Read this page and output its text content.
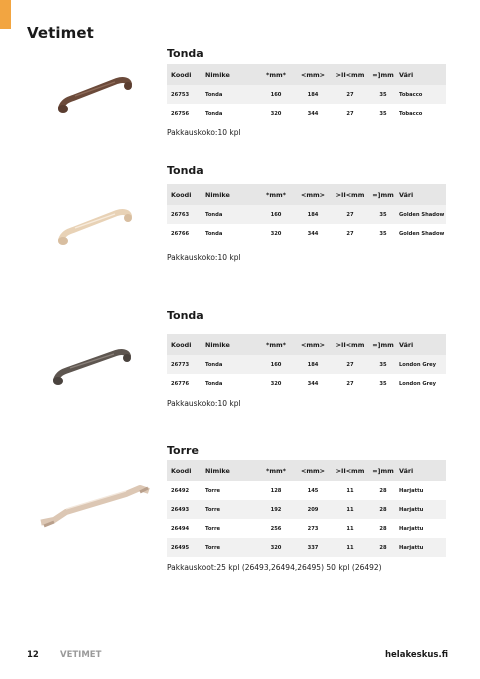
Vetimet
Tonda
Koodi	Nimike	*mm*	<mm>	>II<mm	=]mm	Väri
26753	Tonda	160	184	27	35	Tobacco
26756	Tonda	320	344	27	35	Tobacco
Pakkauskoko:10 kpl
Tonda
Koodi	Nimike	*mm*	<mm>	>II<mm	=]mm	Väri
26763	Tonda	160	184	27	35	Golden Shadow
26766	Tonda	320	344	27	35	Golden Shadow
Pakkauskoko:10 kpl
Tonda
Koodi	Nimike	*mm*	<mm>	>II<mm	=]mm	Väri
26773	Tonda	160	184	27	35	London Grey
26776	Tonda	320	344	27	35	London Grey
Pakkauskoko:10 kpl
Torre
Koodi	Nimike	*mm*	<mm>	>II<mm	=]mm	Väri
26492	Torre	128	145	11	28	Harjattu
26493	Torre	192	209	11	28	Harjattu
26494	Torre	256	273	11	28	Harjattu
26495	Torre	320	337	11	28	Harjattu
Pakkauskoot:25 kpl (26493,26494,26495) 50 kpl (26492)
12 VETIMET	helakeskus.fi
